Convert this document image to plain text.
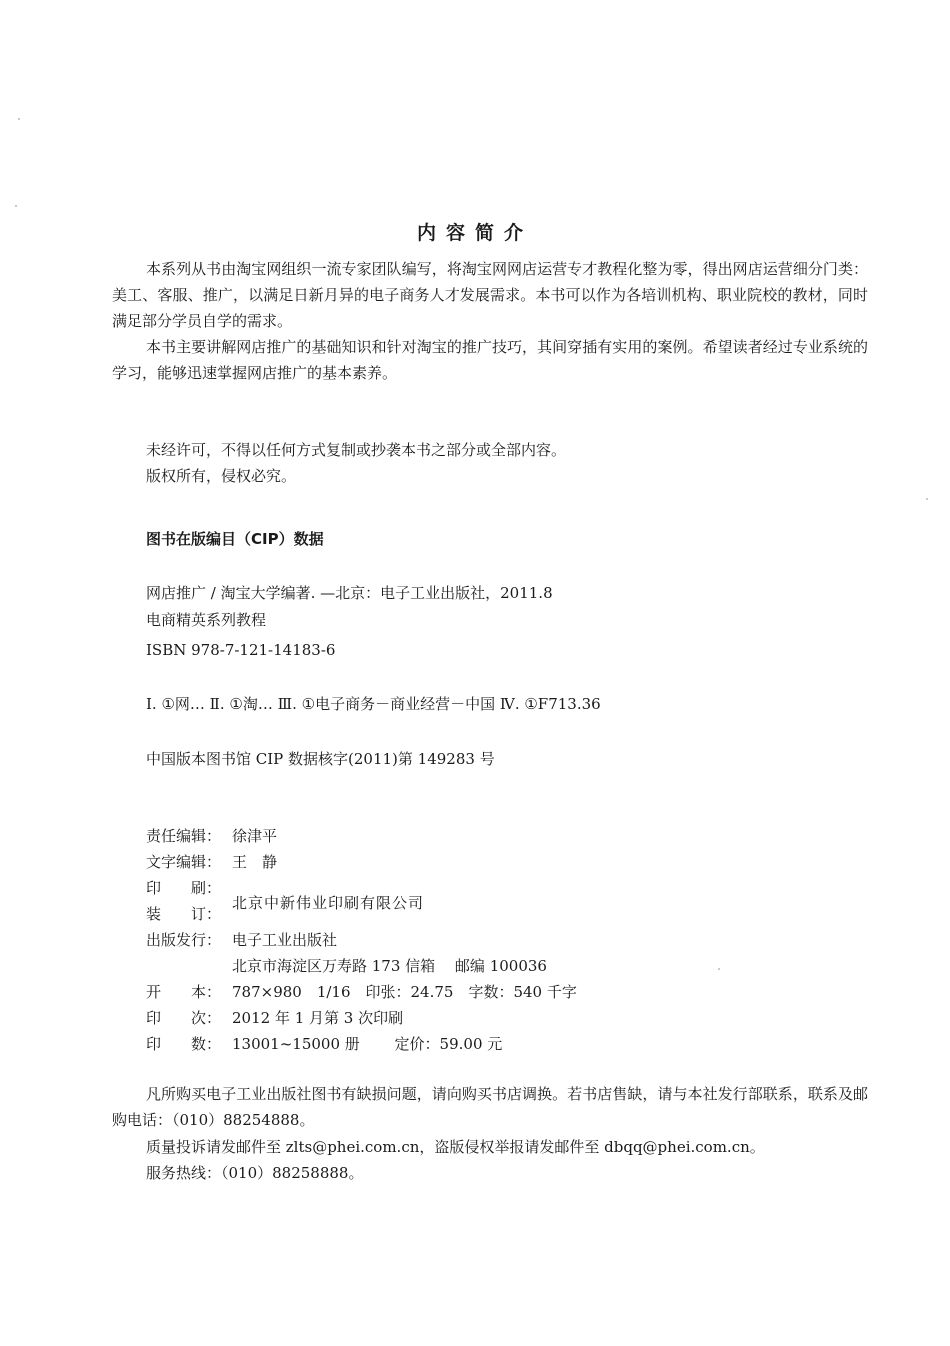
内容简介

本系列从书由淘宝网组织一流专家团队编写，将淘宝网网店运营专才教程化整为零，得出网店运营细分门类：美工、客服、推广，以满足日新月异的电子商务人才发展需求。本书可以作为各培训机构、职业院校的教材，同时满足部分学员自学的需求。

本书主要讲解网店推广的基础知识和针对淘宝的推广技巧，其间穿插有实用的案例。希望读者经过专业系统的学习，能够迅速掌握网店推广的基本素养。

未经许可，不得以任何方式复制或抄袭本书之部分或全部内容。
版权所有，侵权必究。
图书在版编目（CIP）数据
网店推广 / 淘宝大学编著. —北京：电子工业出版社，2011.8
电商精英系列教程
ISBN 978-7-121-14183-6
Ⅰ. ①网… Ⅱ. ①淘… Ⅲ. ①电子商务－商业经营－中国 Ⅳ. ①F713.36
中国版本图书馆 CIP 数据核字(2011)第 149283 号
责任编辑： 徐津平
文字编辑： 王　静
印　　刷：
装　　订：
出版发行： 电子工业出版社
北京市海淀区万寿路 173 信箱　 邮编 100036
开　　本： 787×980　1/16　印张：24.75　字数：540 千字
印　　次： 2012 年 1 月第 3 次印刷
印　　数： 13001~15000 册　　 定价：59.00 元
北京中新伟业印刷有限公司

凡所购买电子工业出版社图书有缺损问题，请向购买书店调换。若书店售缺，请与本社发行部联系，联系及邮购电话：（010）88254888。

质量投诉请发邮件至 zlts@phei.com.cn，盗版侵权举报请发邮件至 dbqq@phei.com.cn。
服务热线：（010）88258888。
